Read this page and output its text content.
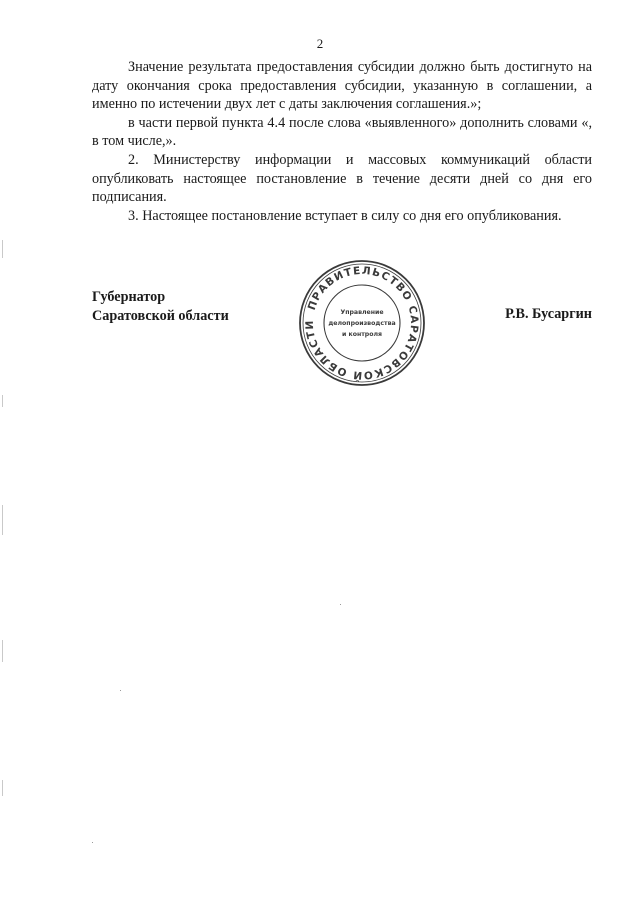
2

Значение результата предоставления субсидии должно быть достигнуто на дату окончания срока предоставления субсидии, указанную в соглашении, а именно по истечении двух лет с даты заключения соглашения.»;

в части первой пункта 4.4 после слова «выявленного» дополнить словами «, в том числе,».

2. Министерству информации и массовых коммуникаций области опубликовать настоящее постановление в течение десяти дней со дня его подписания.

3. Настоящее постановление вступает в силу со дня его опубликования.

Губернатор
Саратовской области
ПРАВИТЕЛЬСТВО САРАТОВСКОЙ ОБЛАСТИ
Управление
делопроизводства
и контроля
Р.В. Бусаргин
